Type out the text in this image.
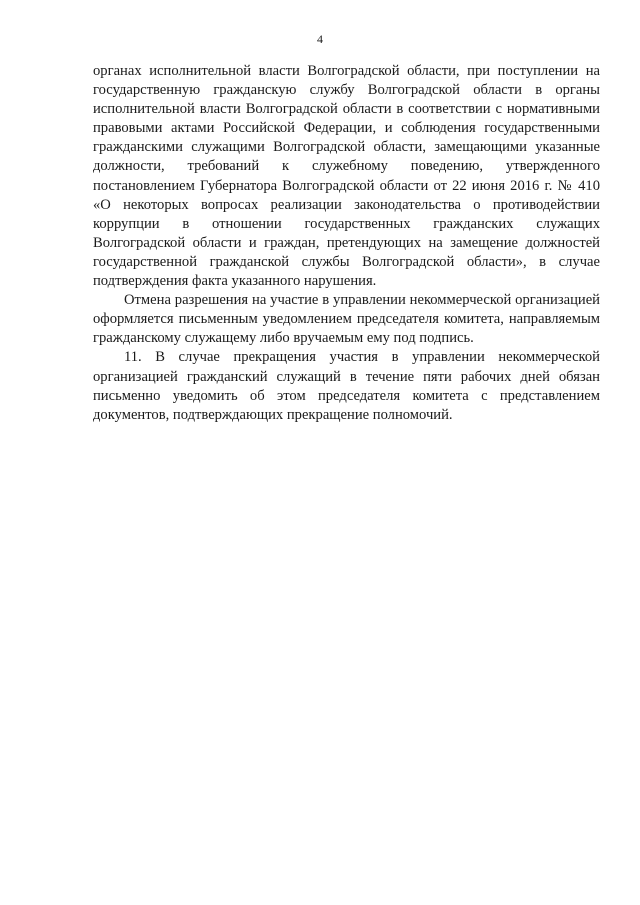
4

органах исполнительной власти Волгоградской области, при поступлении на государственную гражданскую службу Волгоградской области в органы исполнительной власти Волгоградской области в соответствии с нормативными правовыми актами Российской Федерации, и соблюдения государственными гражданскими служащими Волгоградской области, замещающими указанные должности, требований к служебному поведению, утвержденного постановлением Губернатора Волгоградской области от 22 июня 2016 г. № 410 «О некоторых вопросах реализации законодательства о противодействии коррупции в отношении государственных гражданских служащих Волгоградской области и граждан, претендующих на замещение должностей государственной гражданской службы Волгоградской области», в случае подтверждения факта указанного нарушения.

Отмена разрешения на участие в управлении некоммерческой организацией оформляется письменным уведомлением председателя комитета, направляемым гражданскому служащему либо вручаемым ему под подпись.

11. В случае прекращения участия в управлении некоммерческой организацией гражданский служащий в течение пяти рабочих дней обязан письменно уведомить об этом председателя комитета с представлением документов, подтверждающих прекращение полномочий.
